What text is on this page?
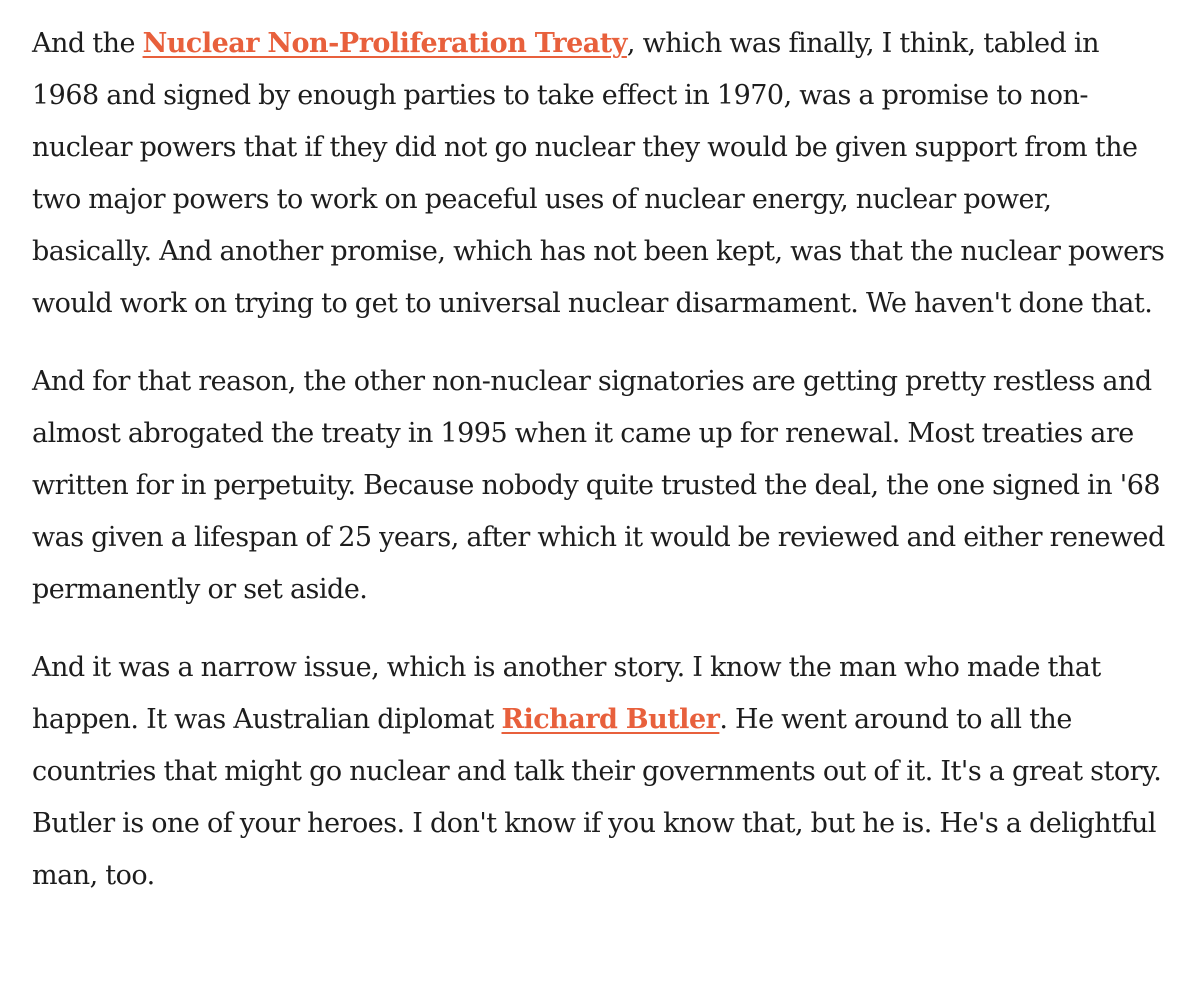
And the Nuclear Non-Proliferation Treaty, which was finally, I think, tabled in 1968 and signed by enough parties to take effect in 1970, was a promise to non-nuclear powers that if they did not go nuclear they would be given support from the two major powers to work on peaceful uses of nuclear energy, nuclear power, basically. And another promise, which has not been kept, was that the nuclear powers would work on trying to get to universal nuclear disarmament. We haven't done that.

And for that reason, the other non-nuclear signatories are getting pretty restless and almost abrogated the treaty in 1995 when it came up for renewal. Most treaties are written for in perpetuity. Because nobody quite trusted the deal, the one signed in '68 was given a lifespan of 25 years, after which it would be reviewed and either renewed permanently or set aside.

And it was a narrow issue, which is another story. I know the man who made that happen. It was Australian diplomat Richard Butler. He went around to all the countries that might go nuclear and talk their governments out of it. It's a great story. Butler is one of your heroes. I don't know if you know that, but he is. He's a delightful man, too.
